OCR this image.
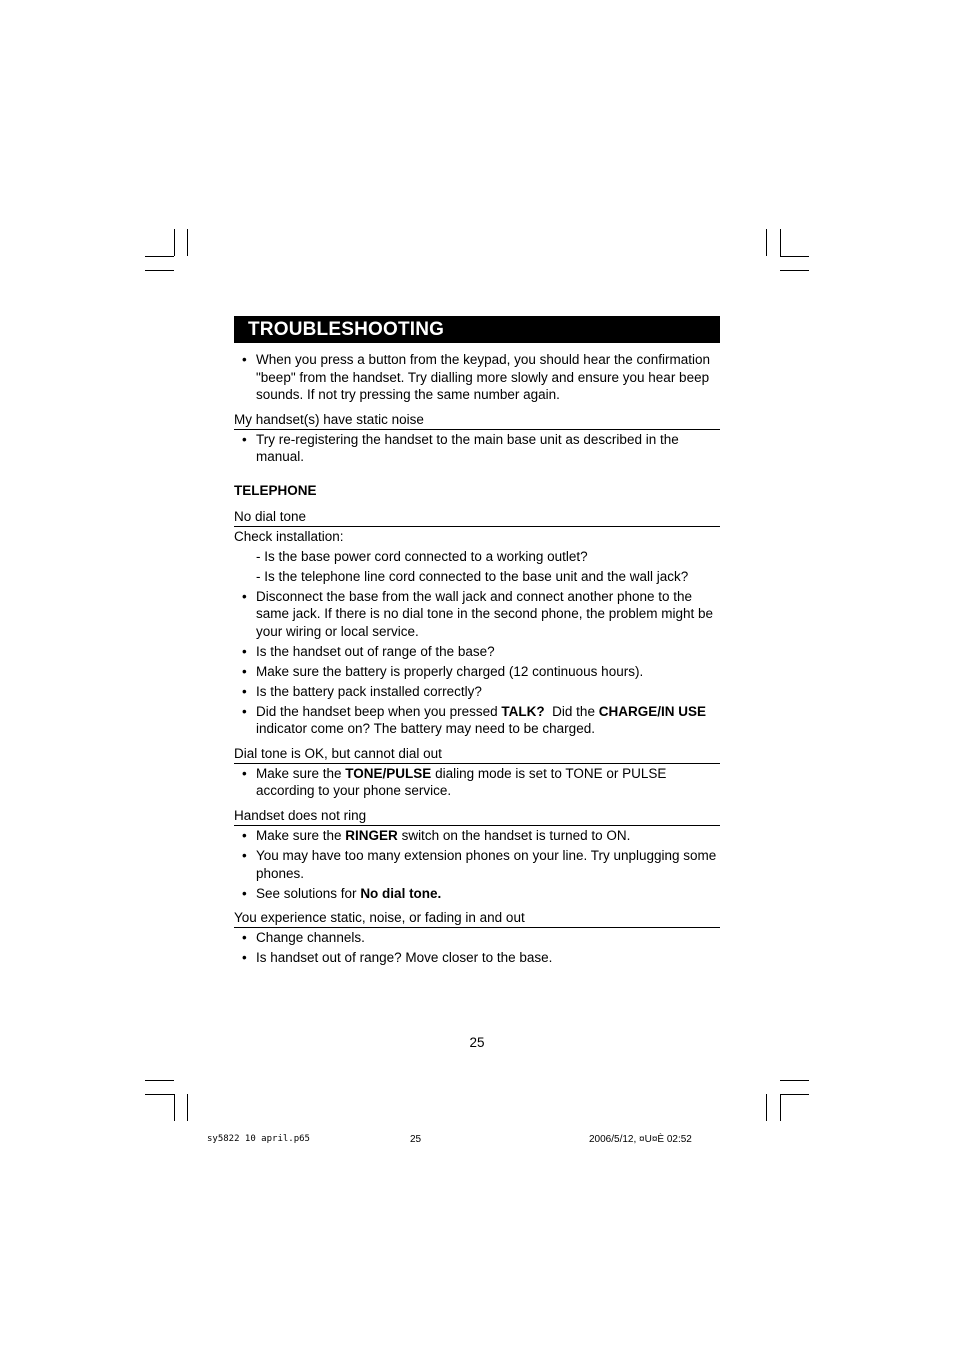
TROUBLESHOOTING
• When you press a button from the keypad, you should hear the confirmation "beep" from the handset. Try dialling more slowly and ensure you hear beep sounds. If not try pressing the same number again.
My handset(s) have static noise
• Try re-registering the handset to the main base unit as described in the manual.
TELEPHONE
No dial tone
Check installation:
- Is the base power cord connected to a working outlet?
- Is the telephone line cord connected to the base unit and the wall jack?
• Disconnect the base from the wall jack and connect another phone to the same jack. If there is no dial tone in the second phone, the problem might be your wiring or local service.
• Is the handset out of range of the base?
• Make sure the battery is properly charged (12 continuous hours).
• Is the battery pack installed correctly?
• Did the handset beep when you pressed TALK?  Did the CHARGE/IN USE indicator come on? The battery may need to be charged.
Dial tone is OK, but cannot dial out
• Make sure the TONE/PULSE dialing mode is set to TONE or PULSE according to your phone service.
Handset does not ring
• Make sure the RINGER switch on the handset is turned to ON.
• You may have too many extension phones on your line. Try unplugging some phones.
• See solutions for No dial tone.
You experience static, noise, or fading in and out
• Change channels.
• Is handset out of range? Move closer to the base.
25
sy5822 10 april.p65	25	2006/5/12, ¤U¤È 02:52
